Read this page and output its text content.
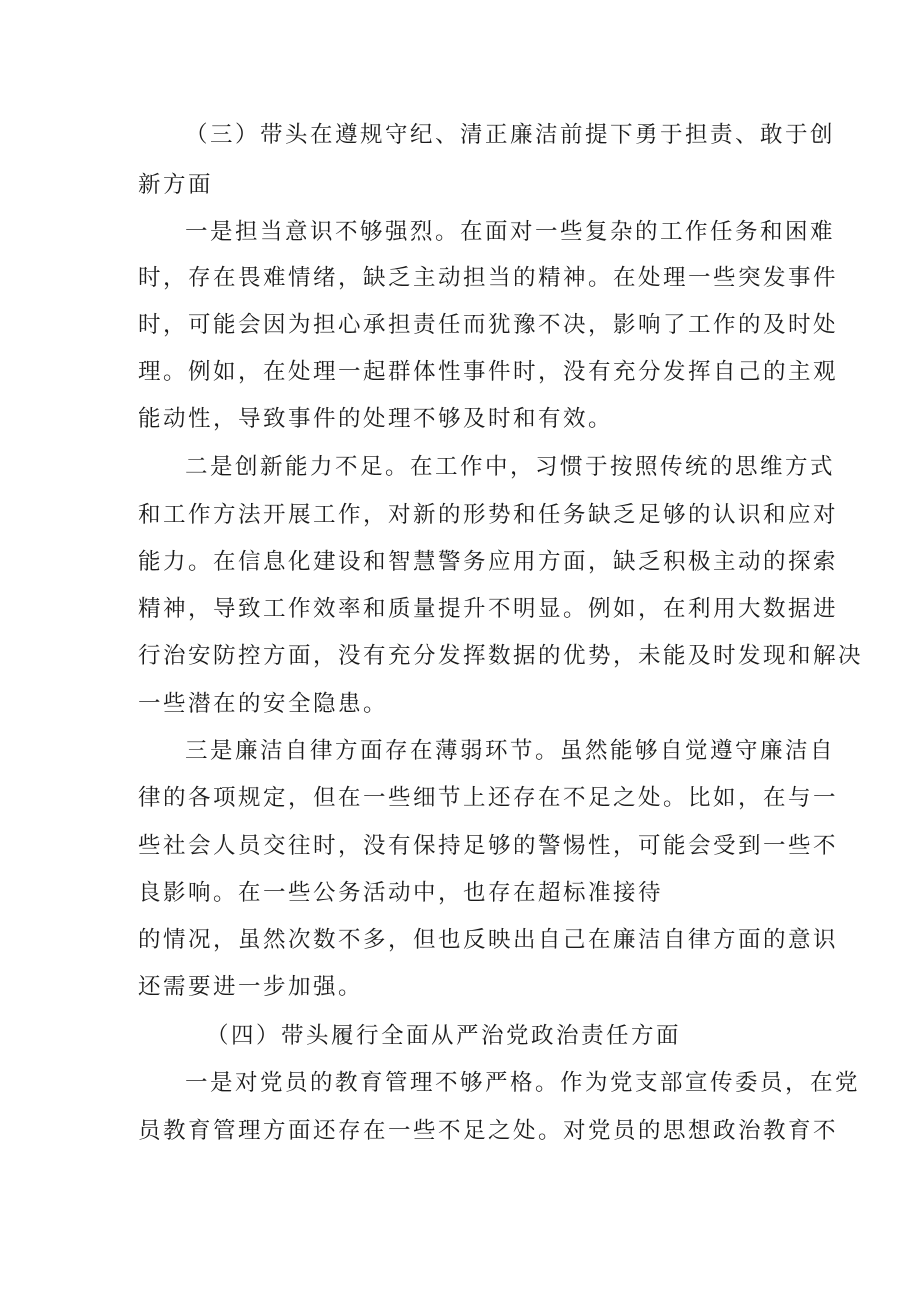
（三）带头在遵规守纪、清正廉洁前提下勇于担责、敢于创
新方面
一是担当意识不够强烈。在面对一些复杂的工作任务和困难
时，存在畏难情绪，缺乏主动担当的精神。在处理一些突发事件
时，可能会因为担心承担责任而犹豫不决，影响了工作的及时处
理。例如，在处理一起群体性事件时，没有充分发挥自己的主观
能动性，导致事件的处理不够及时和有效。
二是创新能力不足。在工作中，习惯于按照传统的思维方式
和工作方法开展工作，对新的形势和任务缺乏足够的认识和应对
能力。在信息化建设和智慧警务应用方面，缺乏积极主动的探索
精神，导致工作效率和质量提升不明显。例如，在利用大数据进
行治安防控方面，没有充分发挥数据的优势，未能及时发现和解决
一些潜在的安全隐患。
三是廉洁自律方面存在薄弱环节。虽然能够自觉遵守廉洁自
律的各项规定，但在一些细节上还存在不足之处。比如，在与一
些社会人员交往时，没有保持足够的警惕性，可能会受到一些不
良影响。在一些公务活动中，也存在超标准接待
的情况，虽然次数不多，但也反映出自己在廉洁自律方面的意识
还需要进一步加强。
（四）带头履行全面从严治党政治责任方面
一是对党员的教育管理不够严格。作为党支部宣传委员，在党
员教育管理方面还存在一些不足之处。对党员的思想政治教育不
